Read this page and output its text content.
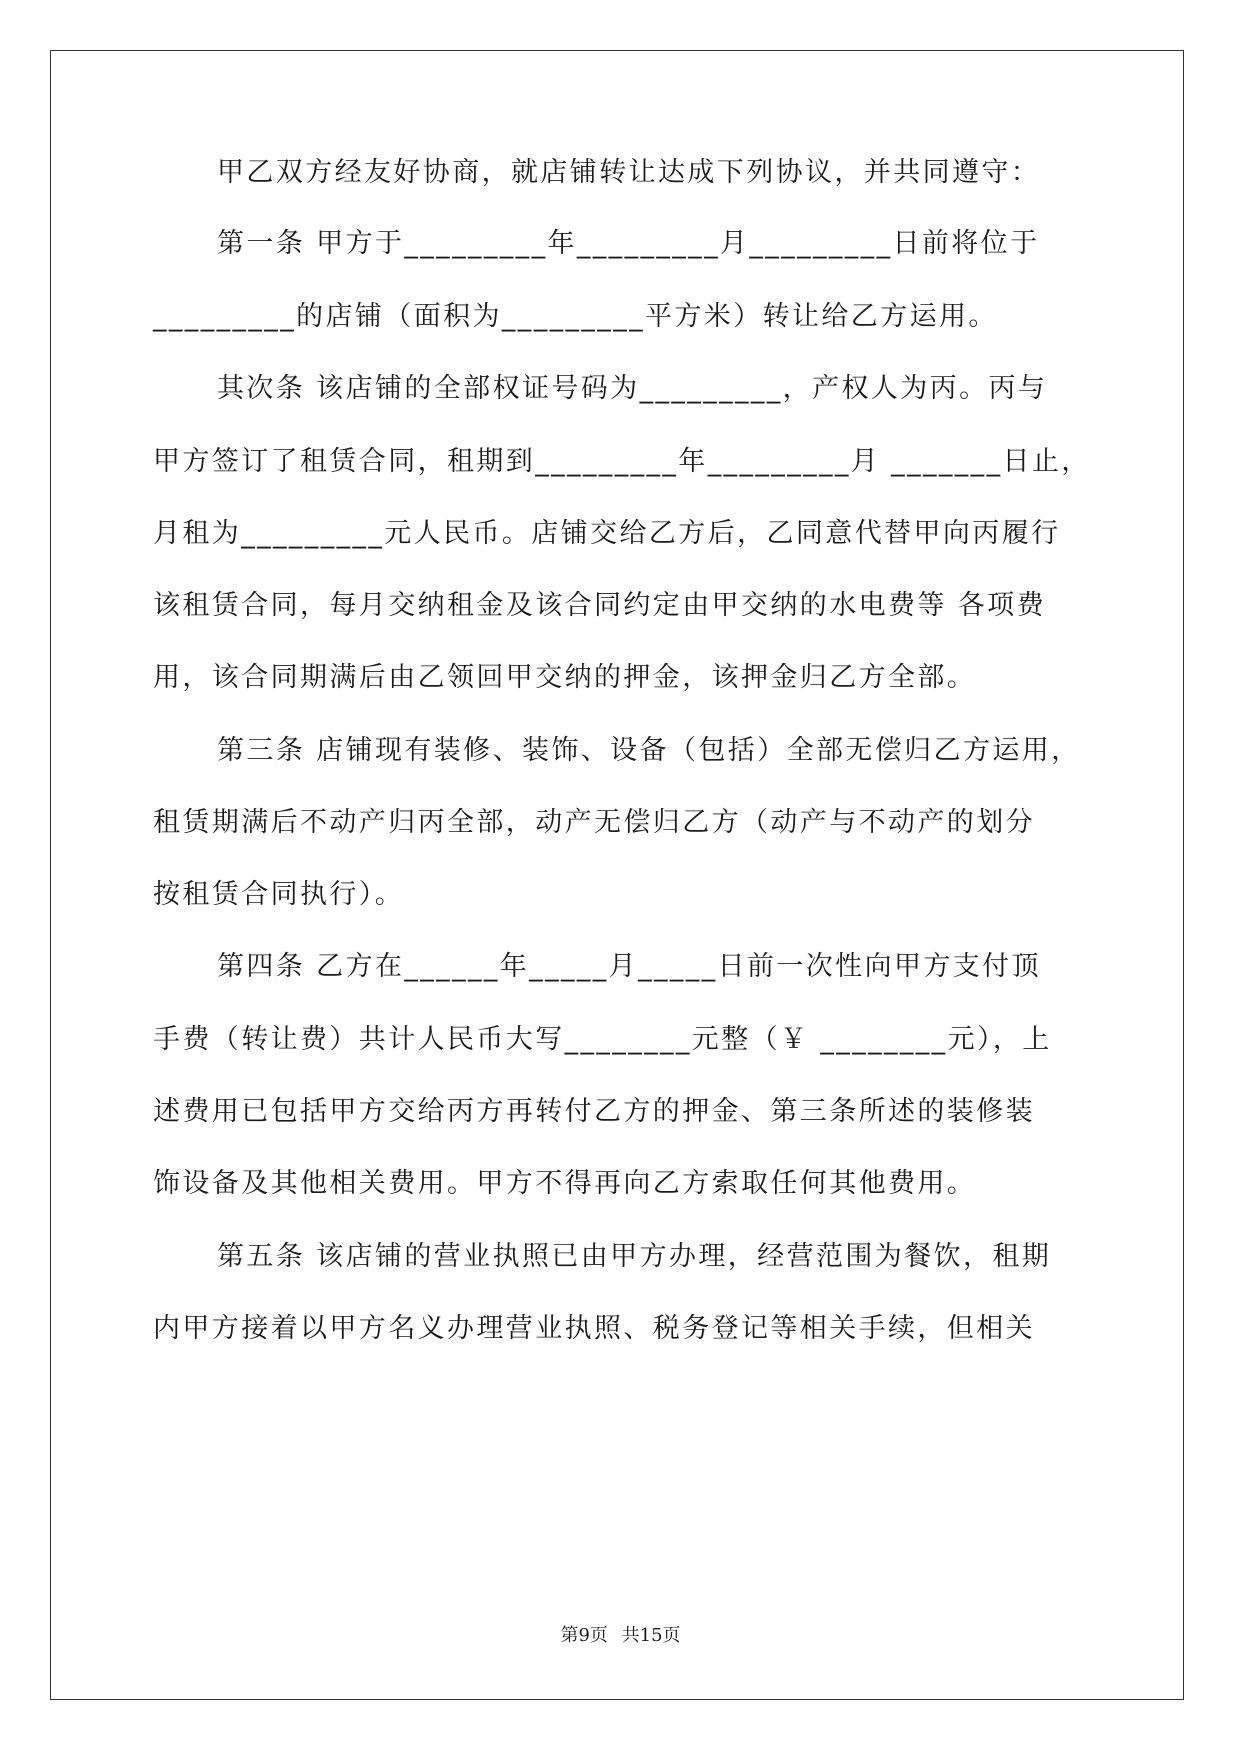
甲乙双方经友好协商，就店铺转让达成下列协议，并共同遵守：
第一条 甲方于_________年_________月_________日前将位于
_________的店铺（面积为_________平方米）转让给乙方运用。
其次条 该店铺的全部权证号码为_________，产权人为丙。丙与
甲方签订了租赁合同，租期到_________年_________月 _______日止，
月租为_________元人民币。店铺交给乙方后，乙同意代替甲向丙履行
该租赁合同，每月交纳租金及该合同约定由甲交纳的水电费等 各项费
用，该合同期满后由乙领回甲交纳的押金，该押金归乙方全部。
第三条 店铺现有装修、装饰、设备（包括）全部无偿归乙方运用，
租赁期满后不动产归丙全部，动产无偿归乙方（动产与不动产的划分
按租赁合同执行）。
第四条 乙方在______年_____月_____日前一次性向甲方支付顶
手费（转让费）共计人民币大写________元整（￥ ________元），上
述费用已包括甲方交给丙方再转付乙方的押金、第三条所述的装修装
饰设备及其他相关费用。甲方不得再向乙方索取任何其他费用。
第五条 该店铺的营业执照已由甲方办理，经营范围为餐饮，租期
内甲方接着以甲方名义办理营业执照、税务登记等相关手续，但相关
第9页 共15页
